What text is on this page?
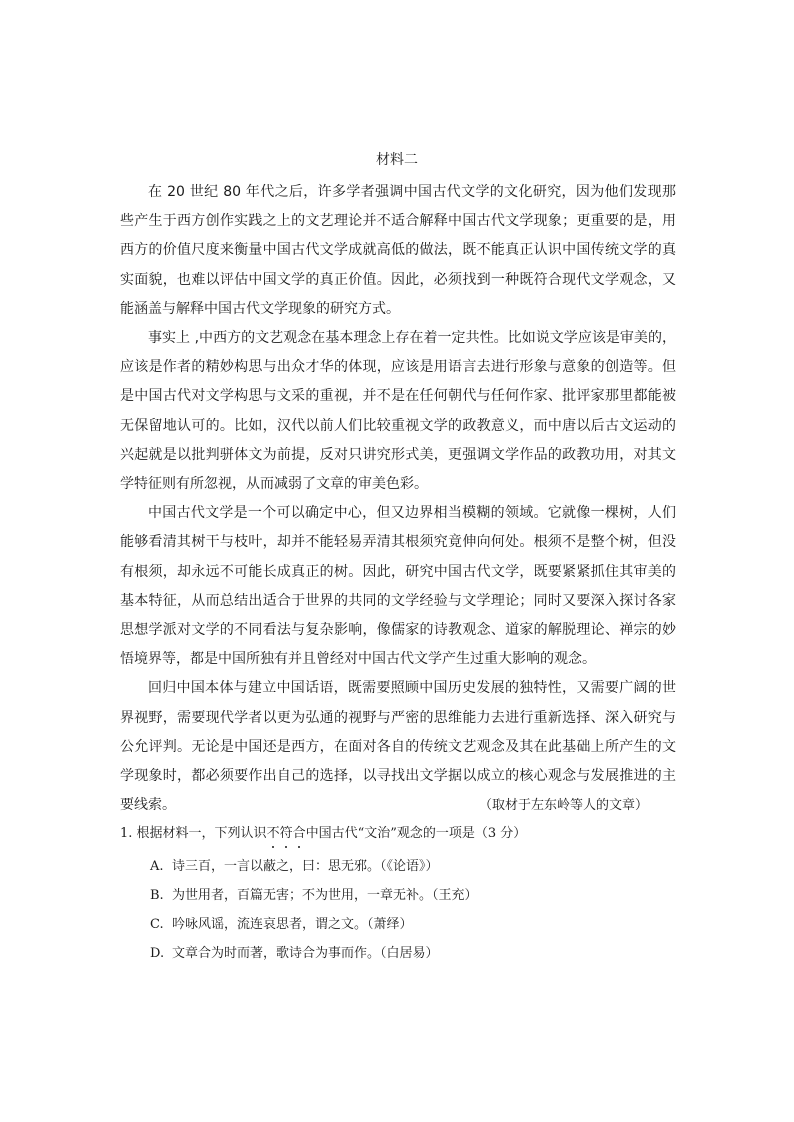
材料二

在 20 世纪 80 年代之后，许多学者强调中国古代文学的文化研究，因为他们发现那些产生于西方创作实践之上的文艺理论并不适合解释中国古代文学现象；更重要的是，用西方的价值尺度来衡量中国古代文学成就高低的做法，既不能真正认识中国传统文学的真实面貌，也难以评估中国文学的真正价值。因此，必须找到一种既符合现代文学观念，又能涵盖与解释中国古代文学现象的研究方式。

事实上 ,中西方的文艺观念在基本理念上存在着一定共性。比如说文学应该是审美的，应该是作者的精妙构思与出众才华的体现，应该是用语言去进行形象与意象的创造等。但是中国古代对文学构思与文采的重视，并不是在任何朝代与任何作家、批评家那里都能被无保留地认可的。比如，汉代以前人们比较重视文学的政教意义，而中唐以后古文运动的兴起就是以批判骈体文为前提，反对只讲究形式美，更强调文学作品的政教功用，对其文学特征则有所忽视，从而减弱了文章的审美色彩。

中国古代文学是一个可以确定中心，但又边界相当模糊的领域。它就像一棵树，人们能够看清其树干与枝叶，却并不能轻易弄清其根须究竟伸向何处。根须不是整个树，但没有根须，却永远不可能长成真正的树。因此，研究中国古代文学，既要紧紧抓住其审美的基本特征，从而总结出适合于世界的共同的文学经验与文学理论；同时又要深入探讨各家思想学派对文学的不同看法与复杂影响，像儒家的诗教观念、道家的解脱理论、禅宗的妙悟境界等，都是中国所独有并且曾经对中国古代文学产生过重大影响的观念。

回归中国本体与建立中国话语，既需要照顾中国历史发展的独特性，又需要广阔的世界视野，需要现代学者以更为弘通的视野与严密的思维能力去进行重新选择、深入研究与公允评判。无论是中国还是西方，在面对各自的传统文艺观念及其在此基础上所产生的文学现象时，都必须要作出自己的选择，以寻找出文学据以成立的核心观念与发展推进的主要线索。	（取材于左东岭等人的文章）
1. 根据材料一，下列认识不符合中国古代“文治”观念的一项是（3 分）
A. 诗三百，一言以蔽之，曰：思无邪。（《论语》）
B. 为世用者，百篇无害；不为世用，一章无补。（王充）
C. 吟咏风谣，流连哀思者，谓之文。（萧绎）
D. 文章合为时而著，歌诗合为事而作。（白居易）
